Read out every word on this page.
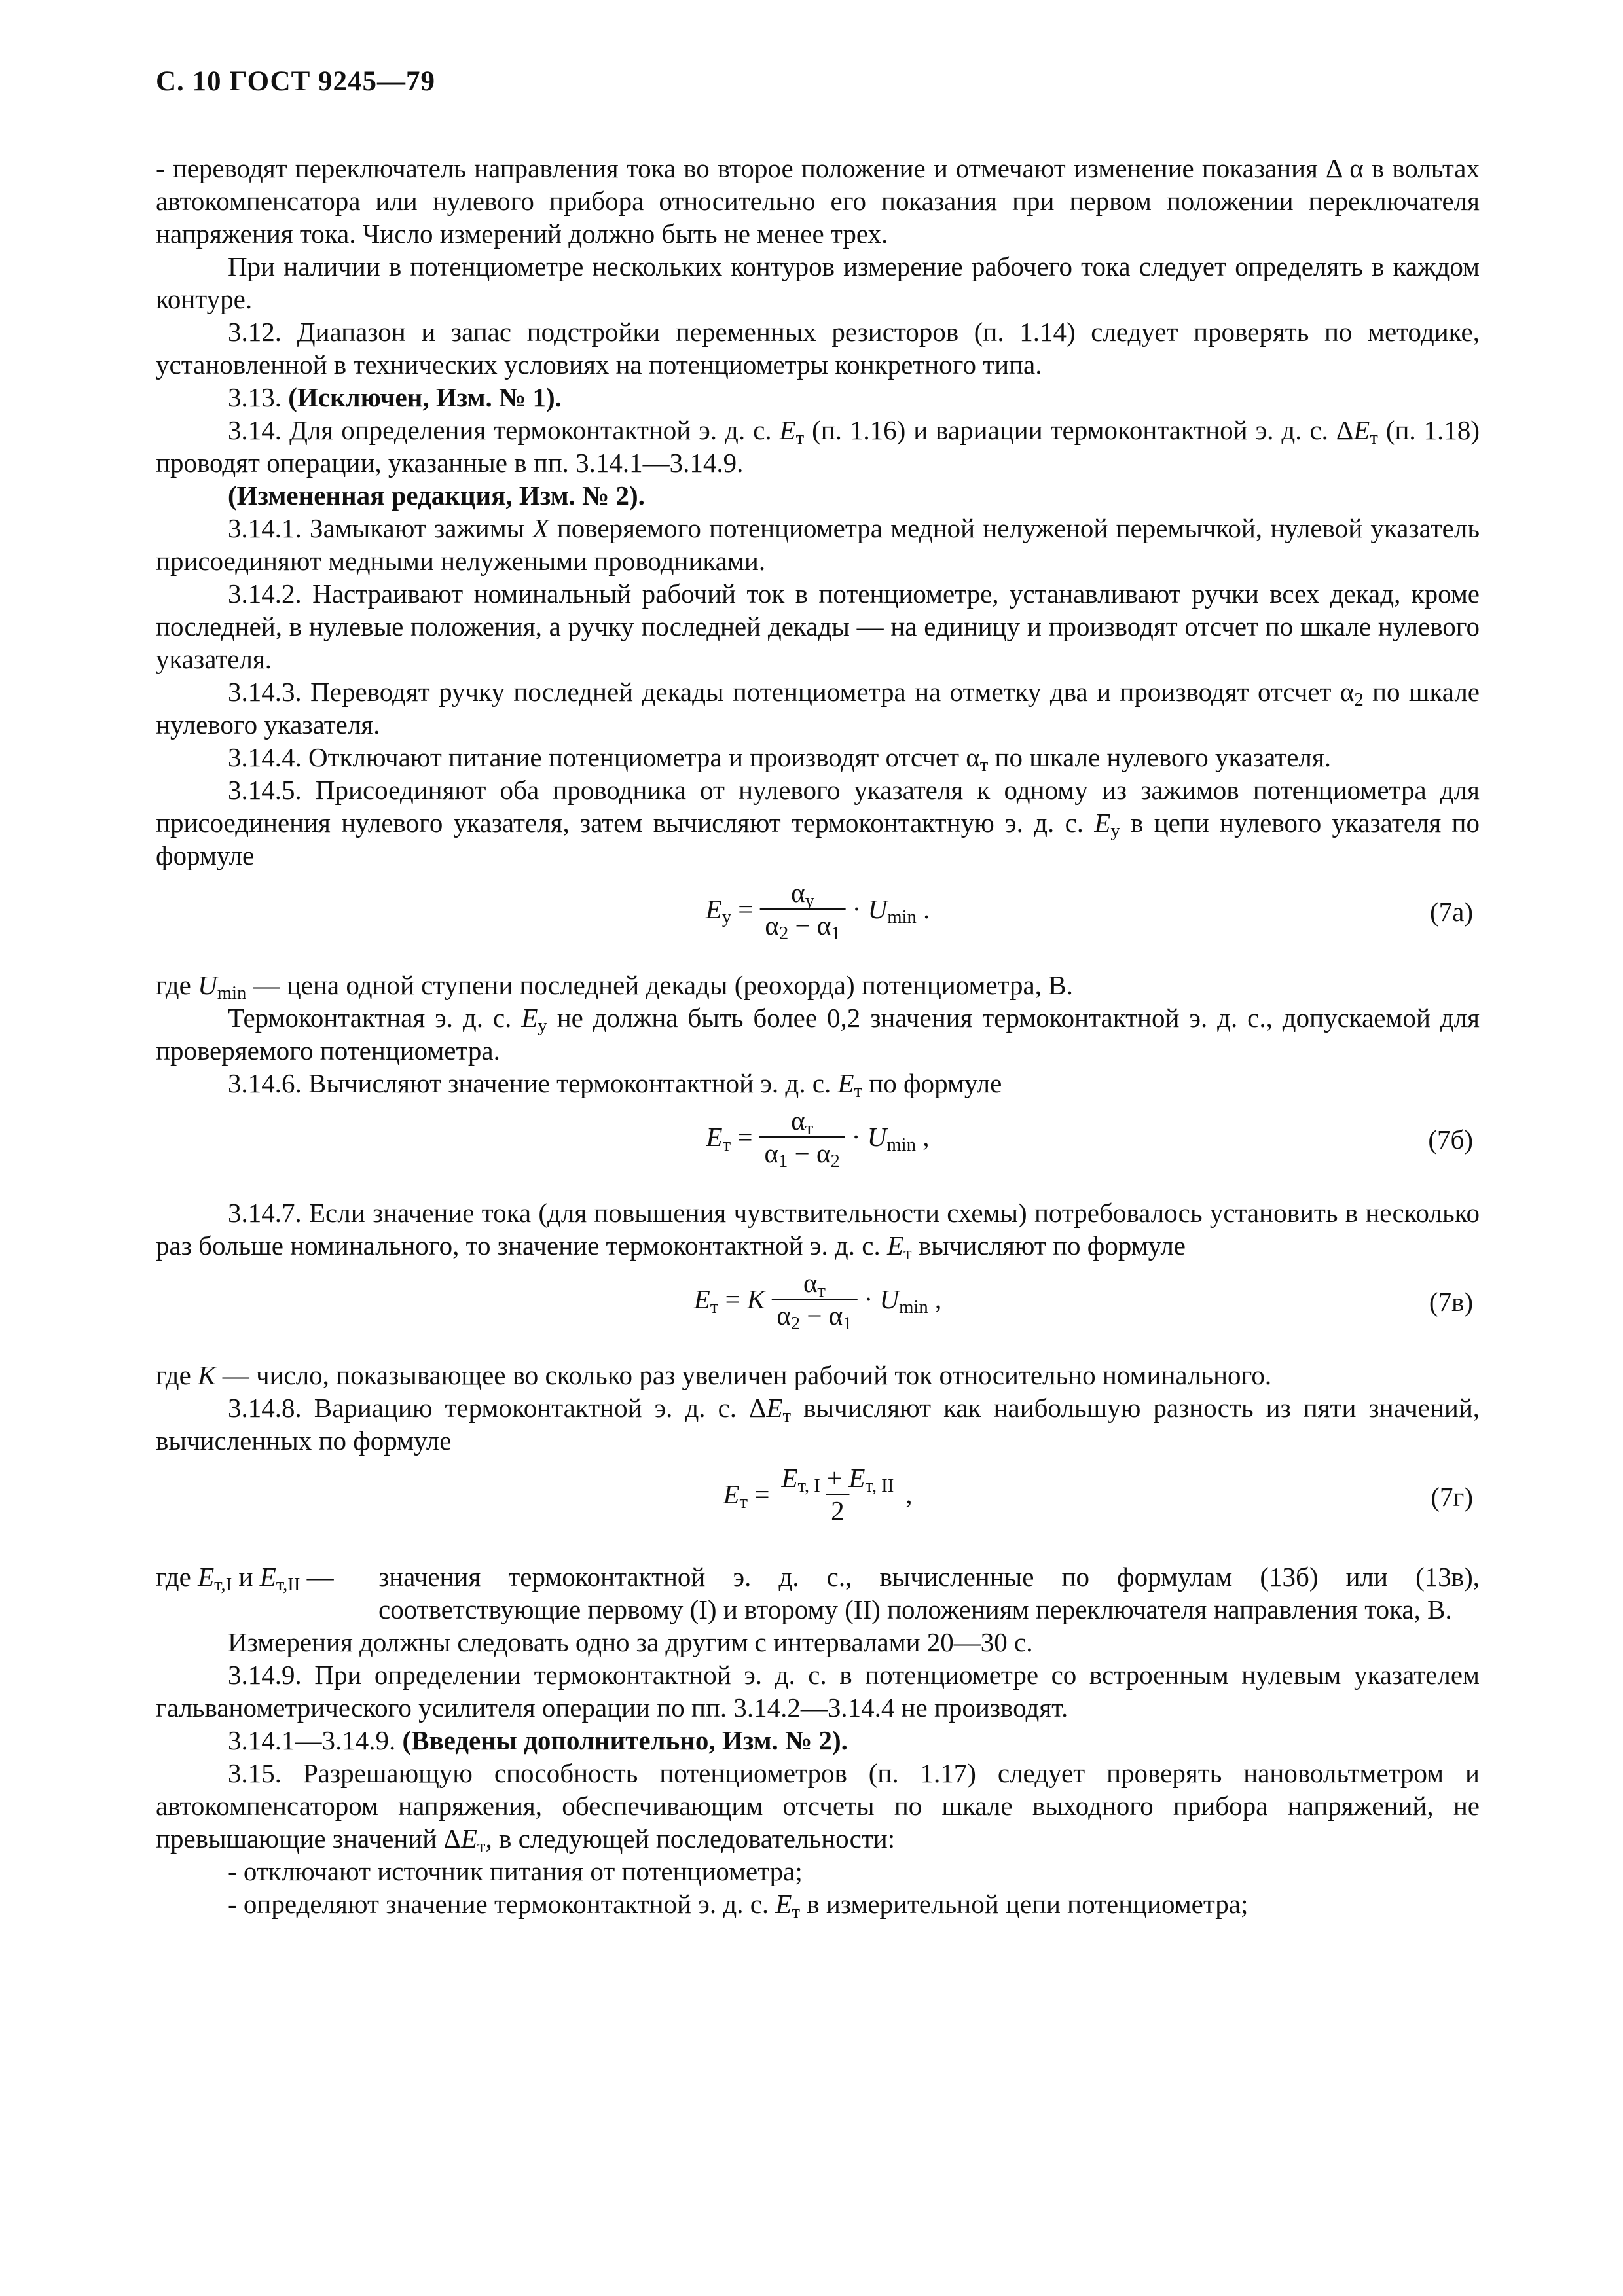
С. 10 ГОСТ 9245—79

- переводят переключатель направления тока во второе положение и отмечают изменение показания Δ α в вольтах автокомпенсатора или нулевого прибора относительно его показания при первом положении переключателя напряжения тока. Число измерений должно быть не менее трех.

При наличии в потенциометре нескольких контуров измерение рабочего тока следует определять в каждом контуре.

3.12. Диапазон и запас подстройки переменных резисторов (п. 1.14) следует проверять по методике, установленной в технических условиях на потенциометры конкретного типа.

3.13. (Исключен, Изм. № 1).

3.14. Для определения термоконтактной э. д. с. $E_т$ (п. 1.16) и вариации термоконтактной э. д. с. $\Delta E_т$ (п. 1.18) проводят операции, указанные в пп. 3.14.1—3.14.9.

(Измененная редакция, Изм. № 2).

3.14.1. Замыкают зажимы X поверяемого потенциометра медной нелуженой перемычкой, нулевой указатель присоединяют медными нелужеными проводниками.

3.14.2. Настраивают номинальный рабочий ток в потенциометре, устанавливают ручки всех декад, кроме последней, в нулевые положения, а ручку последней декады — на единицу и производят отсчет по шкале нулевого указателя.

3.14.3. Переводят ручку последней декады потенциометра на отметку два и производят отсчет $\alpha_2$ по шкале нулевого указателя.

3.14.4. Отключают питание потенциометра и производят отсчет $\alpha_т$ по шкале нулевого указателя.

3.14.5. Присоединяют оба проводника от нулевого указателя к одному из зажимов потенциометра для присоединения нулевого указателя, затем вычисляют термоконтактную э. д. с. $E_у$ в цепи нулевого указателя по формуле

$E_у = \frac{\alpha_у}{\alpha_2 - \alpha_1} \cdot U_{min}$ .	(7а)

где $U_{min}$ — цена одной ступени последней декады (реохорда) потенциометра, В.

Термоконтактная э. д. с. $E_у$ не должна быть более 0,2 значения термоконтактной э. д. с., допускаемой для проверяемого потенциометра.

3.14.6. Вычисляют значение термоконтактной э. д. с. $E_т$ по формуле

$E_т = \frac{\alpha_т}{\alpha_1 - \alpha_2} \cdot U_{min}$ ,	(7б)

3.14.7. Если значение тока (для повышения чувствительности схемы) потребовалось установить в несколько раз больше номинального, то значение термоконтактной э. д. с. $E_т$ вычисляют по формуле

$E_т = K \frac{\alpha_т}{\alpha_2 - \alpha_1} \cdot U_{min}$ ,	(7в)

где K — число, показывающее во сколько раз увеличен рабочий ток относительно номинального.

3.14.8. Вариацию термоконтактной э. д. с. $\Delta E_т$ вычисляют как наибольшую разность из пяти значений, вычисленных по формуле

$E_т = \frac{E_{т, I} + E_{т, II}}{2}$ ,	(7г)
где $E_{т,I}$ и $E_{т,II}$ —	значения термоконтактной э. д. с., вычисленные по формулам (13б) или (13в), соответствующие первому (I) и второму (II) положениям переключателя направления тока, В.

Измерения должны следовать одно за другим с интервалами 20—30 с.

3.14.9. При определении термоконтактной э. д. с. в потенциометре со встроенным нулевым указателем гальванометрического усилителя операции по пп. 3.14.2—3.14.4 не производят.

3.14.1—3.14.9. (Введены дополнительно, Изм. № 2).

3.15. Разрешающую способность потенциометров (п. 1.17) следует проверять нановольтметром и автокомпенсатором напряжения, обеспечивающим отсчеты по шкале выходного прибора напряжений, не превышающие значений $\Delta E_т$, в следующей последовательности:

- отключают источник питания от потенциометра;

- определяют значение термоконтактной э. д. с. $E_т$ в измерительной цепи потенциометра;
